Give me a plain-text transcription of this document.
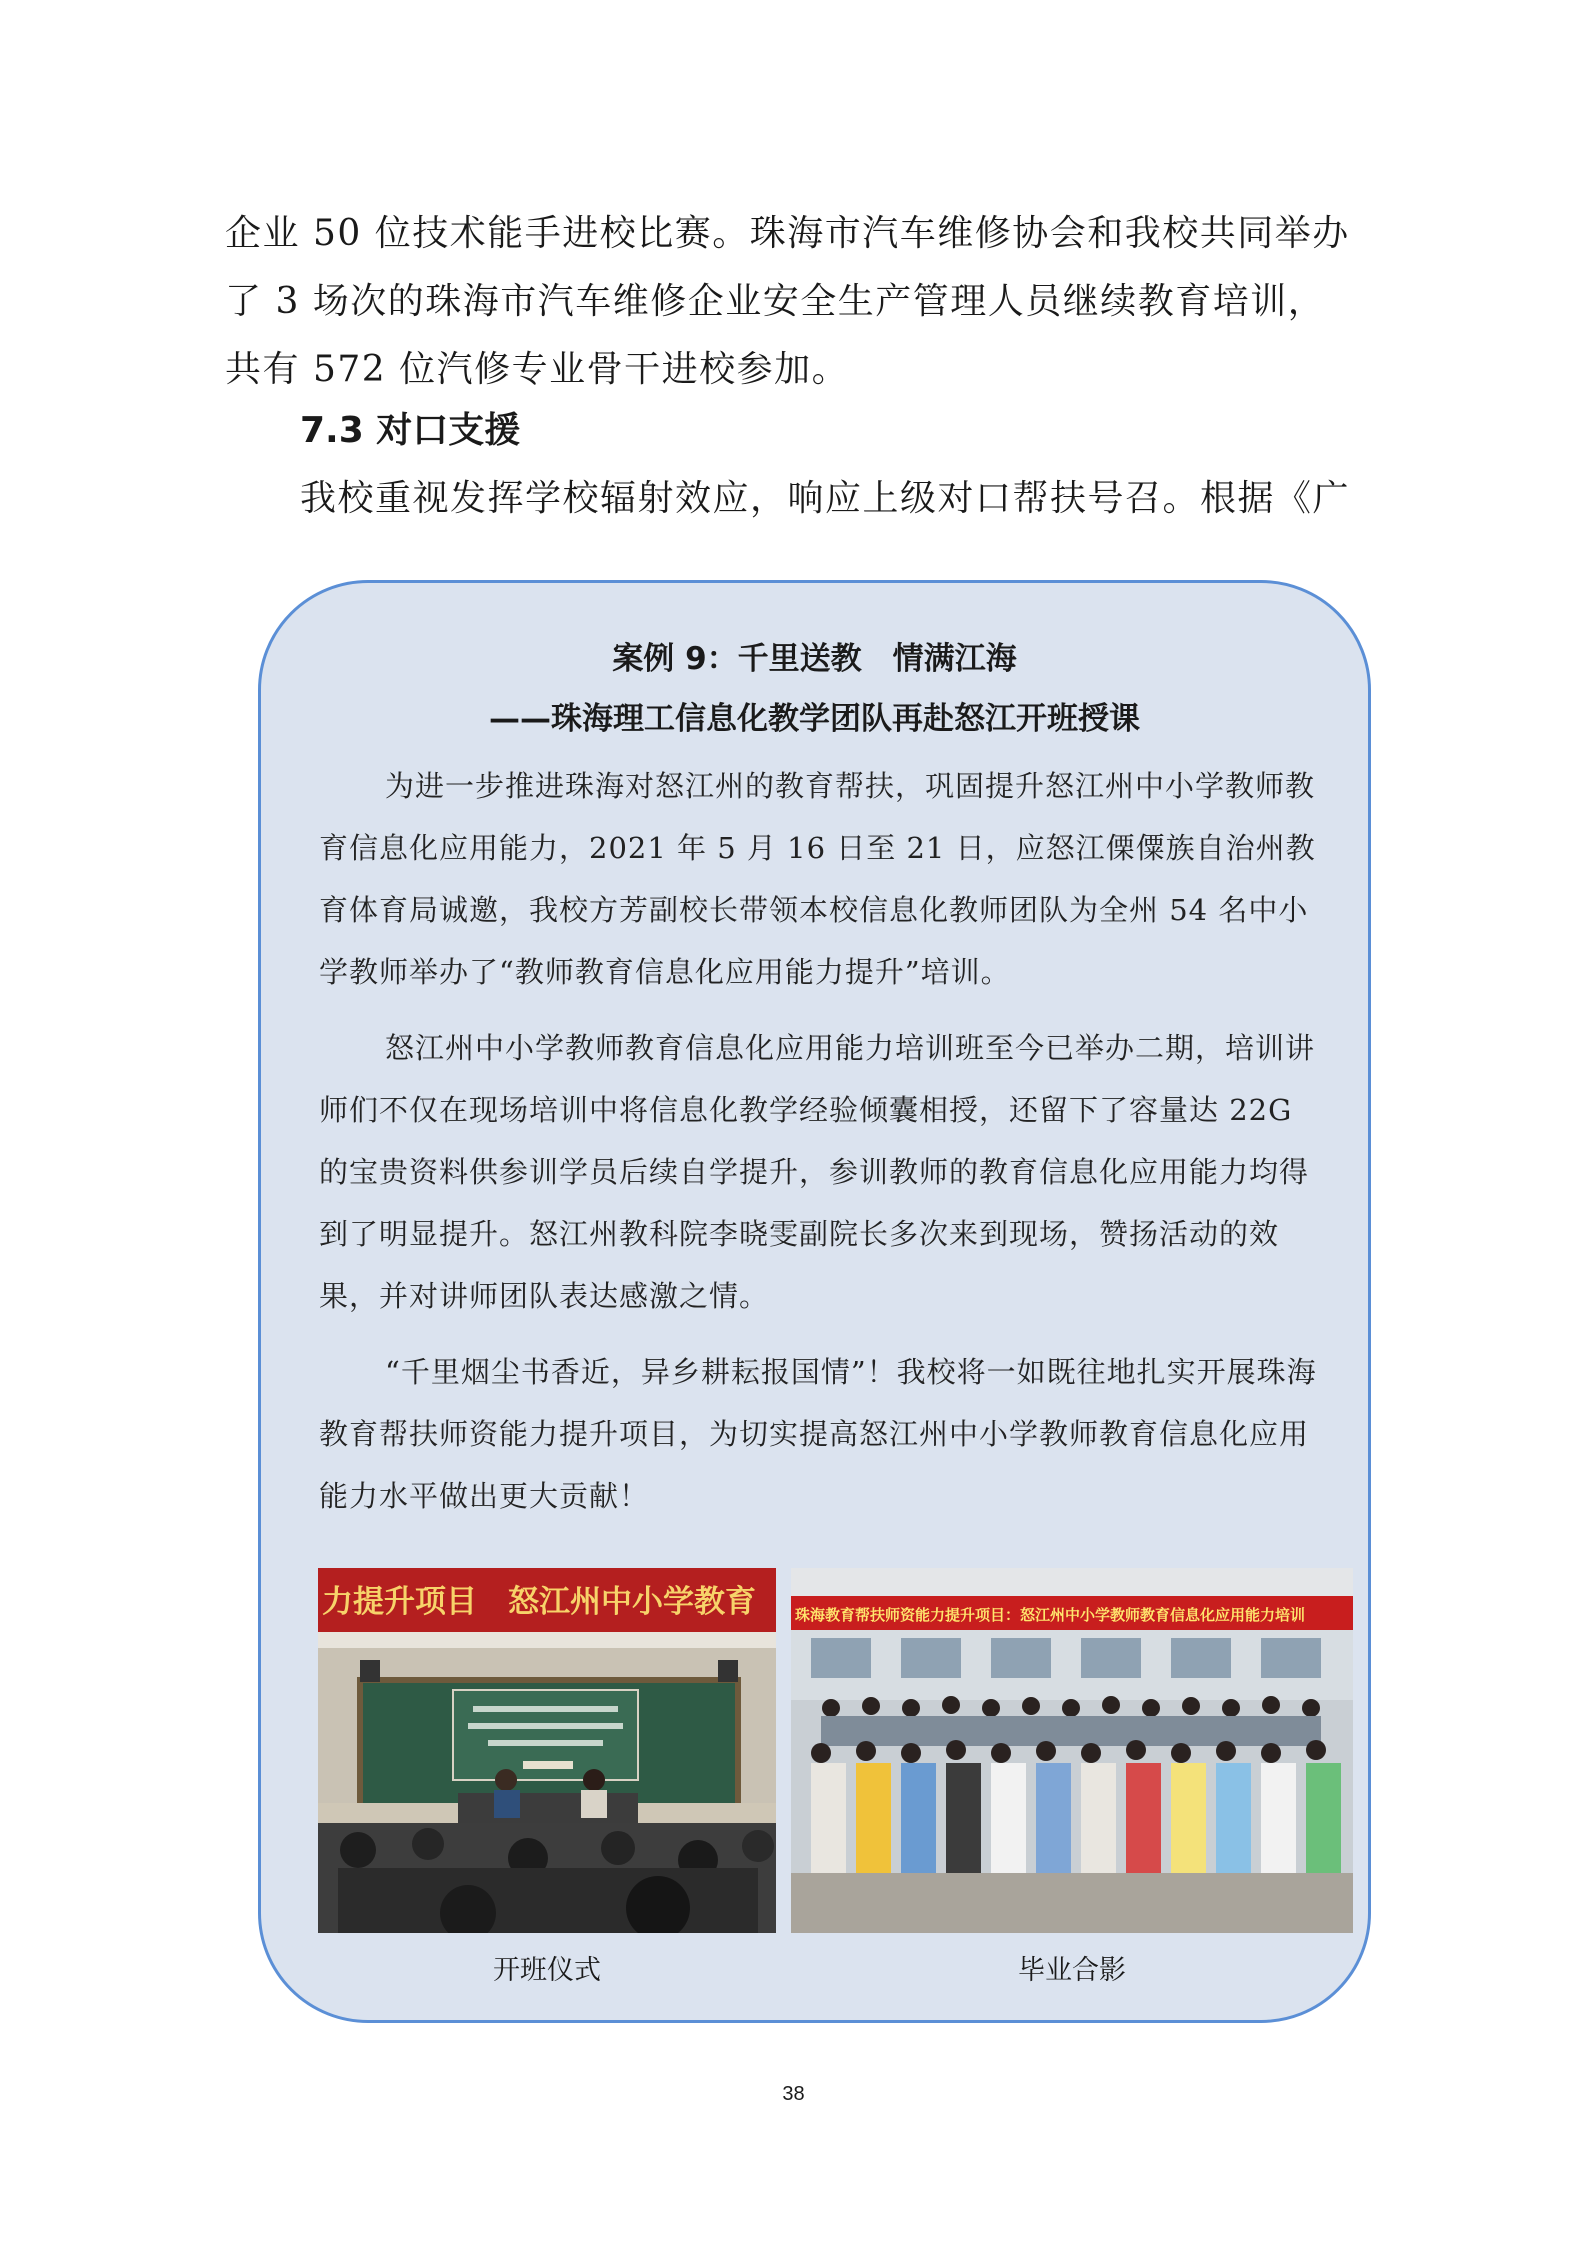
企业 50 位技术能手进校比赛。珠海市汽车维修协会和我校共同举办了 3 场次的珠海市汽车维修企业安全生产管理人员继续教育培训，共有 572 位汽修专业骨干进校参加。

7.3 对口支援

我校重视发挥学校辐射效应，响应上级对口帮扶号召。根据《广

案例 9：千里送教　情满江海
——珠海理工信息化教学团队再赴怒江开班授课

为进一步推进珠海对怒江州的教育帮扶，巩固提升怒江州中小学教师教育信息化应用能力，2021 年 5 月 16 日至 21 日，应怒江傈僳族自治州教育体育局诚邀，我校方芳副校长带领本校信息化教师团队为全州 54 名中小学教师举办了“教师教育信息化应用能力提升”培训。

怒江州中小学教师教育信息化应用能力培训班至今已举办二期，培训讲师们不仅在现场培训中将信息化教学经验倾囊相授，还留下了容量达 22G 的宝贵资料供参训学员后续自学提升，参训教师的教育信息化应用能力均得到了明显提升。怒江州教科院李晓雯副院长多次来到现场，赞扬活动的效果，并对讲师团队表达感激之情。

“千里烟尘书香近，异乡耕耘报国情”！我校将一如既往地扎实开展珠海教育帮扶师资能力提升项目，为切实提高怒江州中小学教师教育信息化应用能力水平做出更大贡献！

力提升项目　怒江州中小学教育

开班仪式

珠海教育帮扶师资能力提升项目：怒江州中小学教师教育信息化应用能力培训

毕业合影

38
